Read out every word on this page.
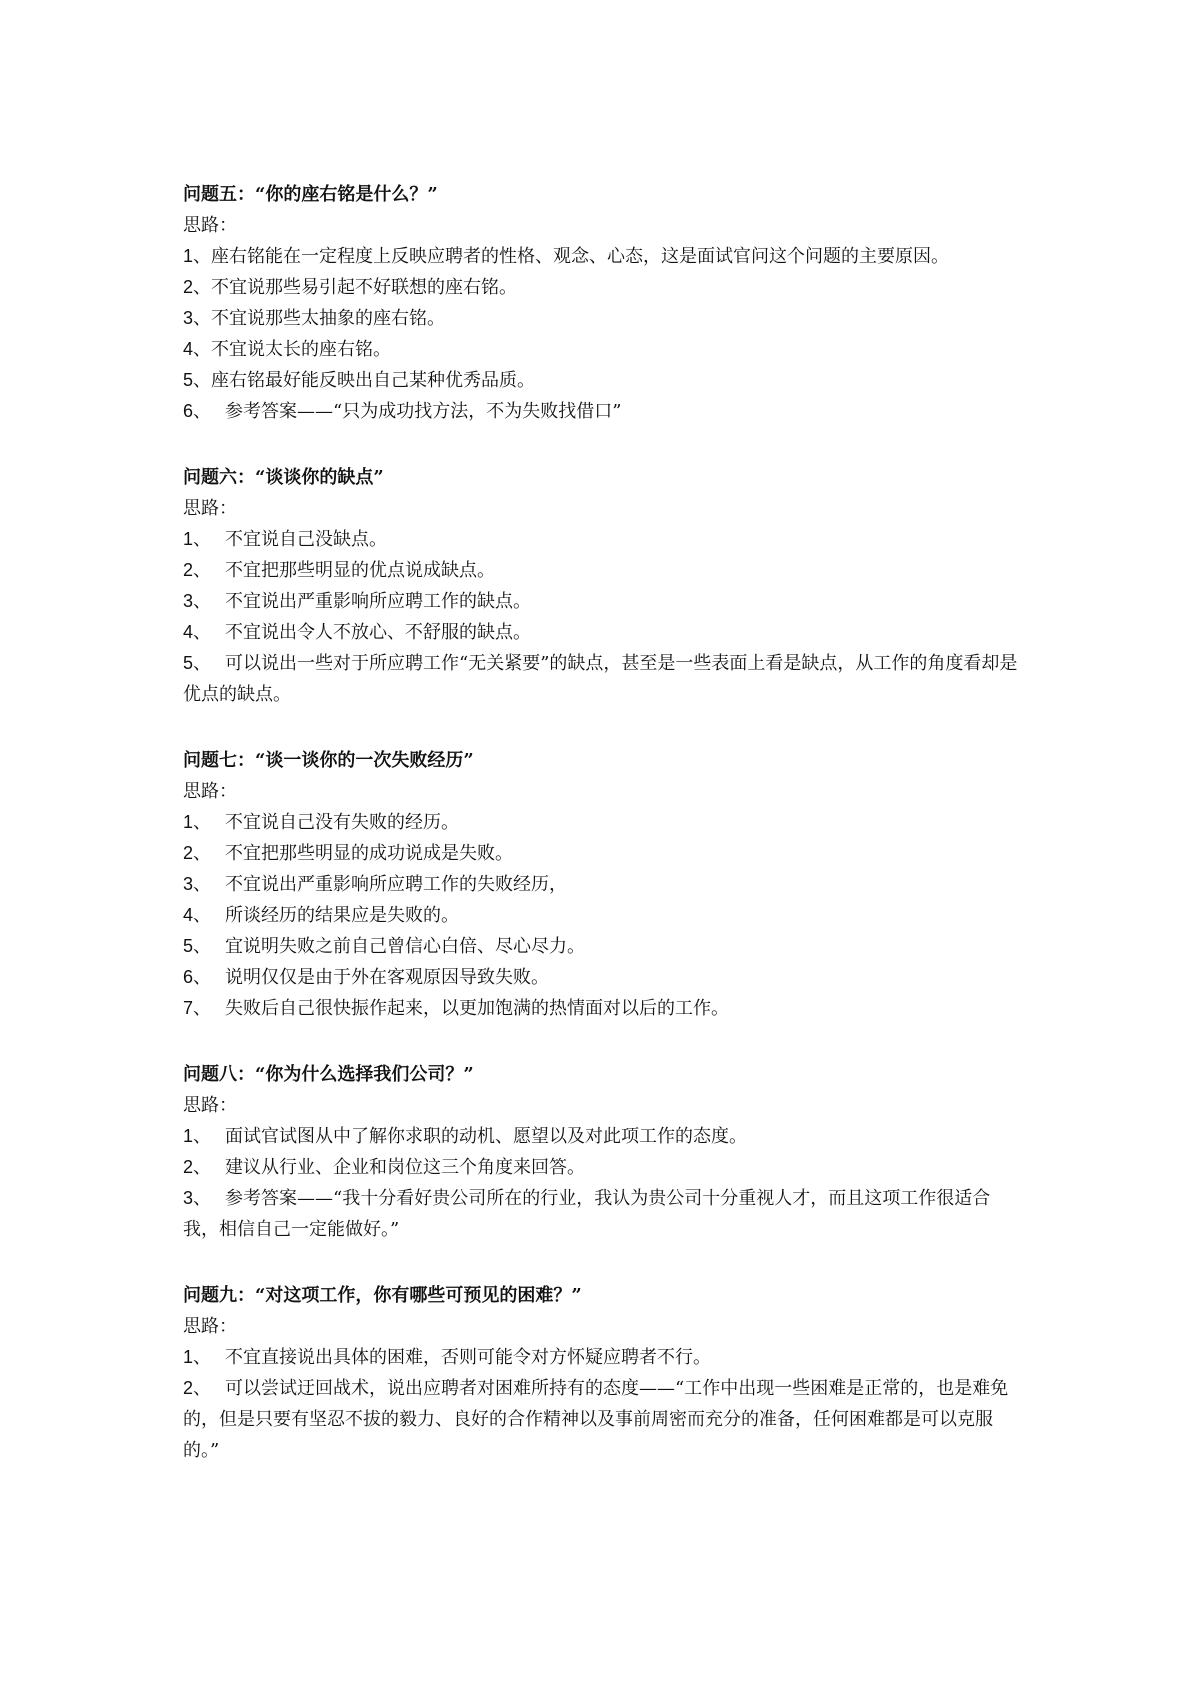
问题五：“你的座右铭是什么？”

思路：

1、座右铭能在一定程度上反映应聘者的性格、观念、心态，这是面试官问这个问题的主要原因。
2、不宜说那些易引起不好联想的座右铭。
3、不宜说那些太抽象的座右铭。
4、不宜说太长的座右铭。
5、座右铭最好能反映出自己某种优秀品质。
6、 参考答案——“只为成功找方法，不为失败找借口”

问题六：“谈谈你的缺点”

思路：

1、 不宜说自己没缺点。
2、 不宜把那些明显的优点说成缺点。
3、 不宜说出严重影响所应聘工作的缺点。
4、 不宜说出令人不放心、不舒服的缺点。
5、 可以说出一些对于所应聘工作“无关紧要”的缺点，甚至是一些表面上看是缺点，从工作的角度看却是优点的缺点。

问题七：“谈一谈你的一次失败经历”

思路：

1、 不宜说自己没有失败的经历。
2、 不宜把那些明显的成功说成是失败。
3、 不宜说出严重影响所应聘工作的失败经历，
4、 所谈经历的结果应是失败的。
5、 宜说明失败之前自己曾信心白倍、尽心尽力。
6、 说明仅仅是由于外在客观原因导致失败。
7、 失败后自己很快振作起来，以更加饱满的热情面对以后的工作。

问题八：“你为什么选择我们公司？”

思路：

1、 面试官试图从中了解你求职的动机、愿望以及对此项工作的态度。
2、 建议从行业、企业和岗位这三个角度来回答。
3、 参考答案——“我十分看好贵公司所在的行业，我认为贵公司十分重视人才，而且这项工作很适合我，相信自己一定能做好。”

问题九：“对这项工作，你有哪些可预见的困难？”

思路：

1、 不宜直接说出具体的困难，否则可能令对方怀疑应聘者不行。
2、 可以尝试迂回战术，说出应聘者对困难所持有的态度——“工作中出现一些困难是正常的，也是难免的，但是只要有坚忍不拔的毅力、良好的合作精神以及事前周密而充分的准备，任何困难都是可以克服的。”
